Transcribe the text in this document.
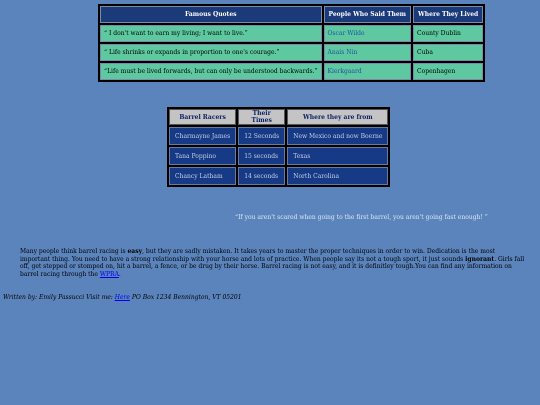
Famous Quotes	People Who Said Them	Where They Lived
“ I don't want to earn my living; I want to live.”	Oscar Wilde	County Dublin
“ Life shrinks or expands in proportion to one's courage.”	Anais Nin	Cuba
“Life must be lived forwards, but can only be understood backwards.”	Kierkgaard	Copenhagen
Barrel Racers	Their Times	Where they are from
Charmayne James	12 Seconds	New Mexico and now Boerne
Tana Poppino	15 seconds	Texas
Chancy Latham	14 seconds	North Carolina
“If you aren't scared when going to the first barrel, you aren't going fast enough! ”
Many people think barrel racing is easy, but they are sadly mistaken. It takes years to master the proper techniques in order to win. Dedication is the most important thing. You need to have a strong relationship with your horse and lots of practice. When people say its not a tough sport, it just sounds ignorant. Girls fall off, get stepped or stomped on, hit a barrel, a fence, or be drug by their horse. Barrel racing is not easy, and it is definitley tough.You can find any information on barrel racing through the WPRA.
Written by: Emily Passucci Visit me: Here PO Box 1234 Bennington, VT 05201
